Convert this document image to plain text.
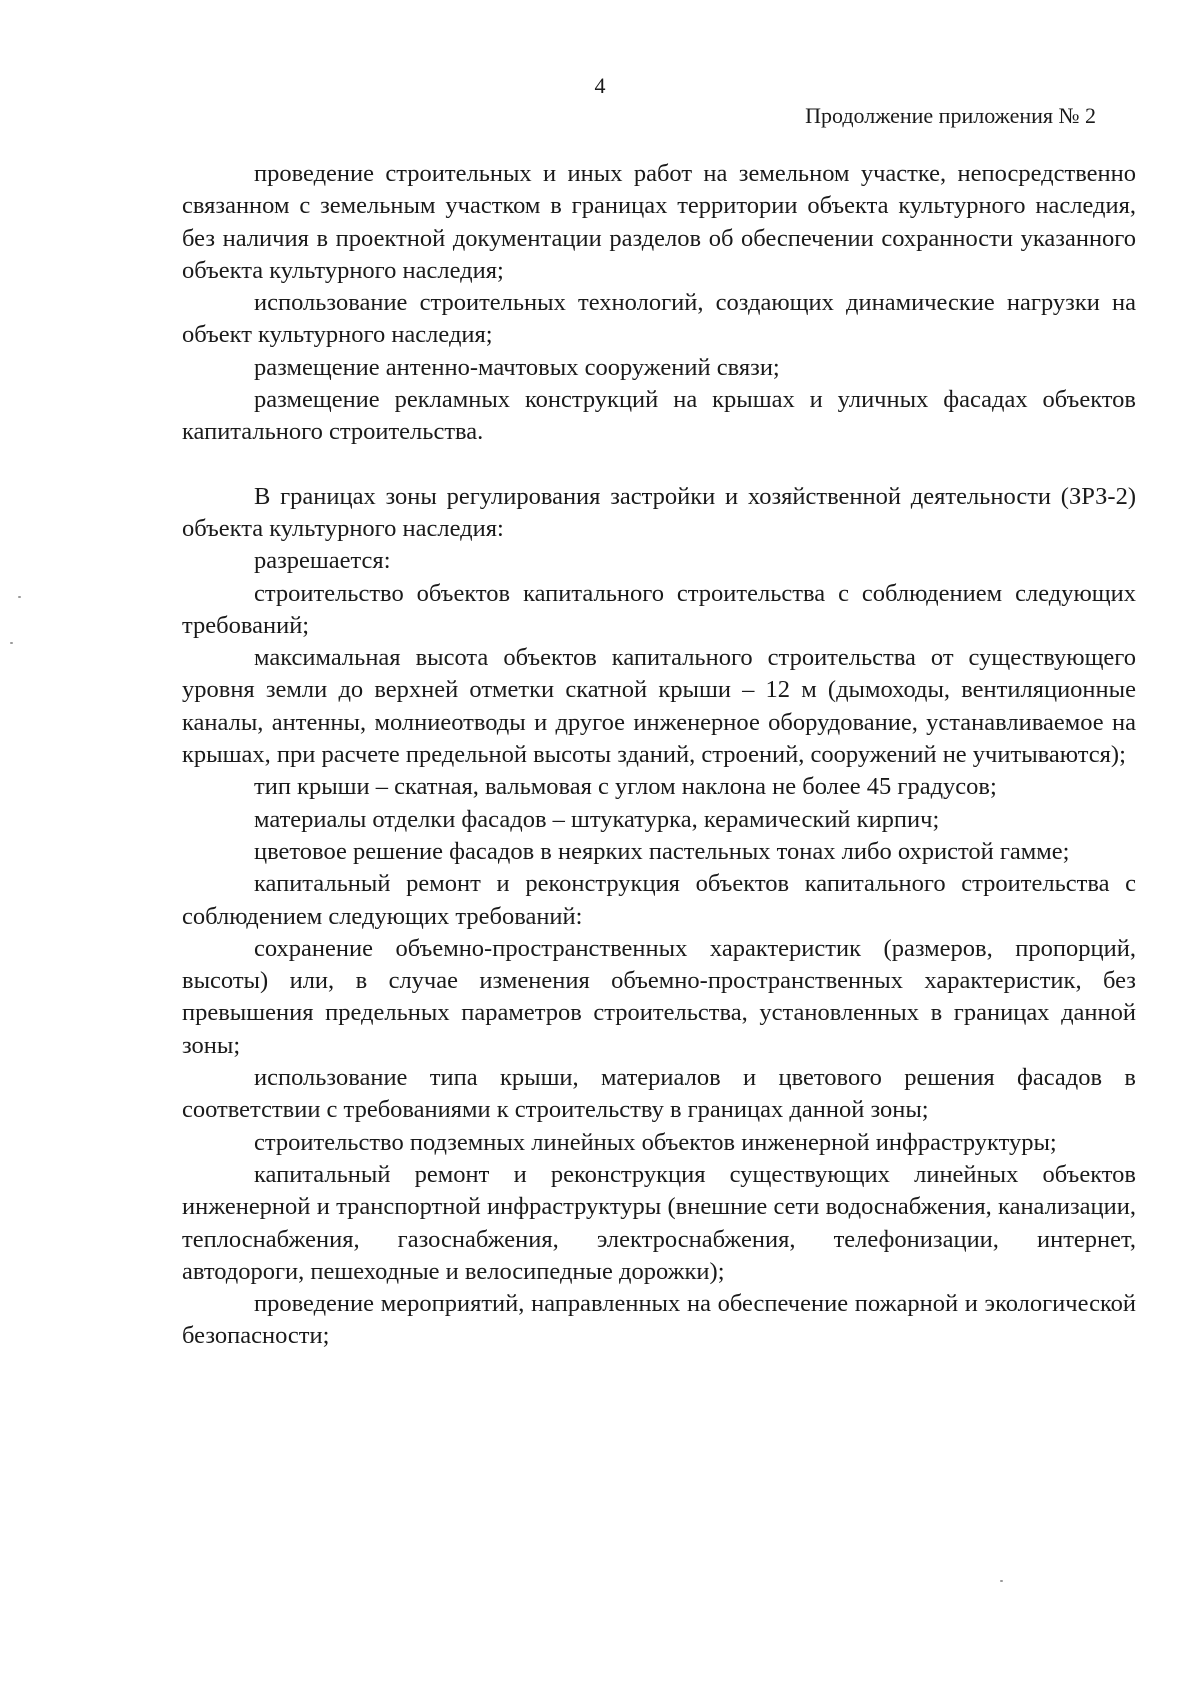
4
Продолжение приложения № 2

проведение строительных и иных работ на земельном участке, непосредственно связанном с земельным участком в границах территории объекта культурного наследия, без наличия в проектной документации разделов об обеспечении сохранности указанного объекта культурного наследия;

использование строительных технологий, создающих динамические нагрузки на объект культурного наследия;

размещение антенно-мачтовых сооружений связи;

размещение рекламных конструкций на крышах и уличных фасадах объектов капитального строительства.

В границах зоны регулирования застройки и хозяйственной деятельности (ЗРЗ-2) объекта культурного наследия:

разрешается:

строительство объектов капитального строительства с соблюдением следующих требований;

максимальная высота объектов капитального строительства от существующего уровня земли до верхней отметки скатной крыши – 12 м (дымоходы, вентиляционные каналы, антенны, молниеотводы и другое инженерное оборудование, устанавливаемое на крышах, при расчете предельной высоты зданий, строений, сооружений не учитываются);

тип крыши – скатная, вальмовая с углом наклона не более 45 градусов;

материалы отделки фасадов – штукатурка, керамический кирпич;

цветовое решение фасадов в неярких пастельных тонах либо охристой гамме;

капитальный ремонт и реконструкция объектов капитального строительства с соблюдением следующих требований:

сохранение объемно-пространственных характеристик (размеров, пропорций, высоты) или, в случае изменения объемно-пространственных характеристик, без превышения предельных параметров строительства, установленных в границах данной зоны;

использование типа крыши, материалов и цветового решения фасадов в соответствии с требованиями к строительству в границах данной зоны;

строительство подземных линейных объектов инженерной инфраструктуры;

капитальный ремонт и реконструкция существующих линейных объектов инженерной и транспортной инфраструктуры (внешние сети водоснабжения, канализации, теплоснабжения, газоснабжения, электроснабжения, телефонизации, интернет, автодороги, пешеходные и велосипедные дорожки);

проведение мероприятий, направленных на обеспечение пожарной и экологической безопасности;
